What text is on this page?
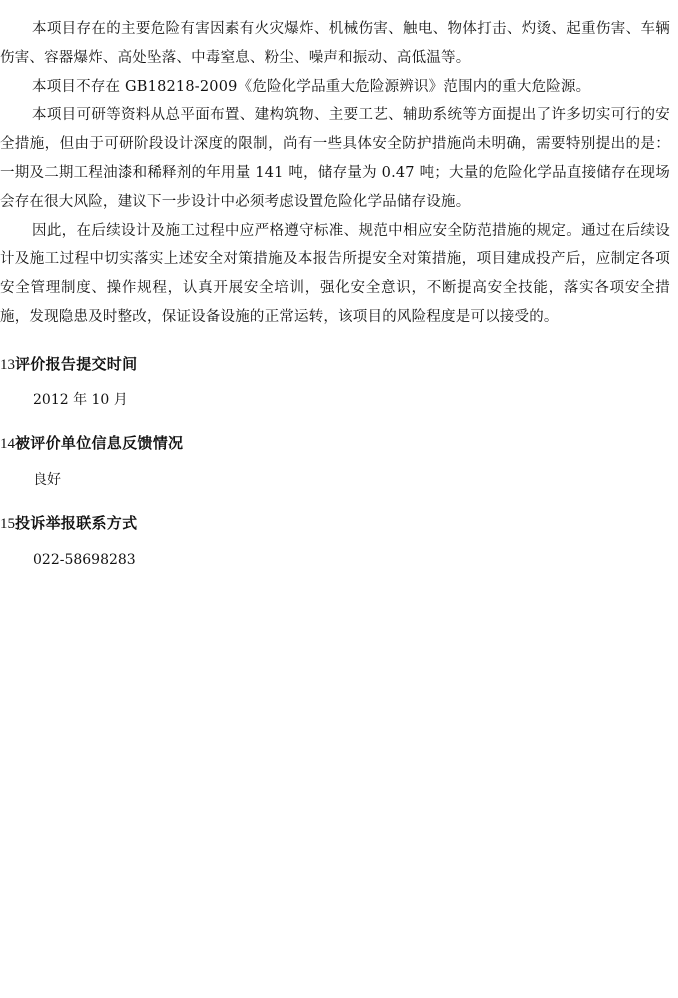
本项目存在的主要危险有害因素有火灾爆炸、机械伤害、触电、物体打击、灼烫、起重伤害、车辆伤害、容器爆炸、高处坠落、中毒窒息、粉尘、噪声和振动、高低温等。

本项目不存在 GB18218-2009《危险化学品重大危险源辨识》范围内的重大危险源。

本项目可研等资料从总平面布置、建构筑物、主要工艺、辅助系统等方面提出了许多切实可行的安全措施，但由于可研阶段设计深度的限制，尚有一些具体安全防护措施尚未明确，需要特别提出的是：一期及二期工程油漆和稀释剂的年用量 141 吨，储存量为 0.47 吨；大量的危险化学品直接储存在现场会存在很大风险，建议下一步设计中必须考虑设置危险化学品储存设施。

因此，在后续设计及施工过程中应严格遵守标准、规范中相应安全防范措施的规定。通过在后续设计及施工过程中切实落实上述安全对策措施及本报告所提安全对策措施，项目建成投产后，应制定各项安全管理制度、操作规程，认真开展安全培训，强化安全意识，不断提高安全技能，落实各项安全措施，发现隐患及时整改，保证设备设施的正常运转，该项目的风险程度是可以接受的。

13评价报告提交时间

2012 年 10 月

14被评价单位信息反馈情况

良好

15投诉举报联系方式

022-58698283
